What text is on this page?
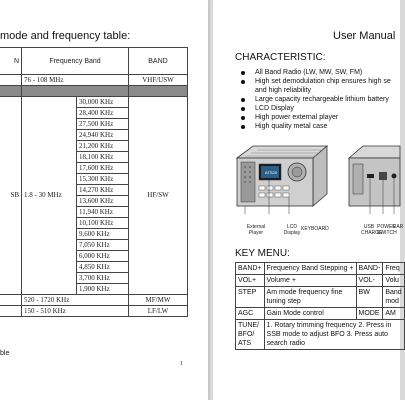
mode and frequency table:
N	Frequency Band		BAND
	76 - 108 MHz		VHF/USW

SB	1.8 - 30 MHz	30,000 KHz	HF/SW
		28,400 KHz	
		27,500 KHz	
		24,940 KHz	
		21,200 KHz	
		18,100 KHz	
		17,600 KHz	
		15,300 KHz	
		14,270 KHz	
		13,600 KHz	
		11,940 KHz	
		10,100 KHz	
		9,600 KHz	
		7,050 KHz	
		6,000 KHz	
		4,850 KHz	
		3,700 KHz	
		1,900 KHz	
	520 - 1720 KHz		MF/MW
	150 - 510 KHz		LF/LW
ble
1
User Manual
CHARACTERISTIC:
All Band Radio (LW, MW, SW, FM)
High set demodulation chip ensures high se
and high reliability
Large capacity rechargeable lithium battery
LCD Display
High power external player
High quality metal case
External Player
LCD Display
KEYBOARD	USB CHARGE
POWER SWITCH
EAR
ATS20
KEY MENU:
BAND+	Frequency Band Stepping +	BAND-	Freq
VOL+	Volume +	VOL-	Volu
STEP	Am mode frequency fine tuning step	BW	Band mod
AGC	Gain Mode control	MODE	AM
TUNE/ BFO/ ATS	1. Rotary trimming frequency 2. Press in SSB mode to adjust BFO 3. Press auto search radio		
